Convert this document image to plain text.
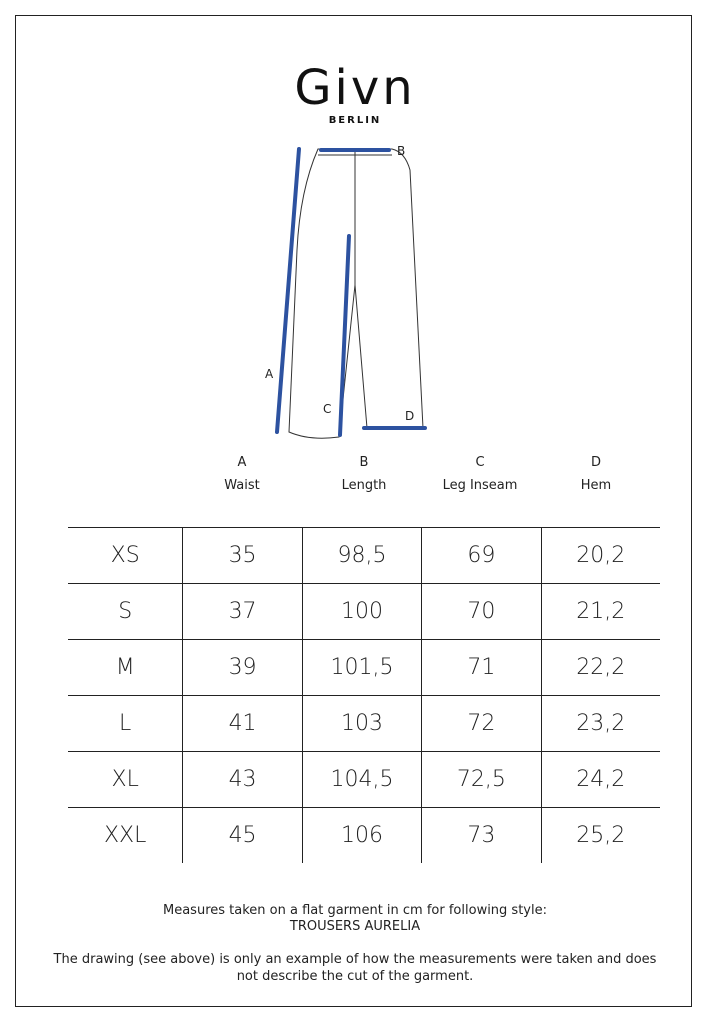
Givn
BERLIN
A
B
C	D
A	B	C	D
Waist	Length	Leg Inseam	Hem
XS	35	98,5	69	20,2
S	37	100	70	21,2
M	39	101,5	71	22,2
L	41	103	72	23,2
XL	43	104,5	72,5	24,2
XXL	45	106	73	25,2
Measures taken on a flat garment in cm for following style:
TROUSERS AURELIA
The drawing (see above) is only an example of how the measurements were taken and does
not describe the cut of the garment.
